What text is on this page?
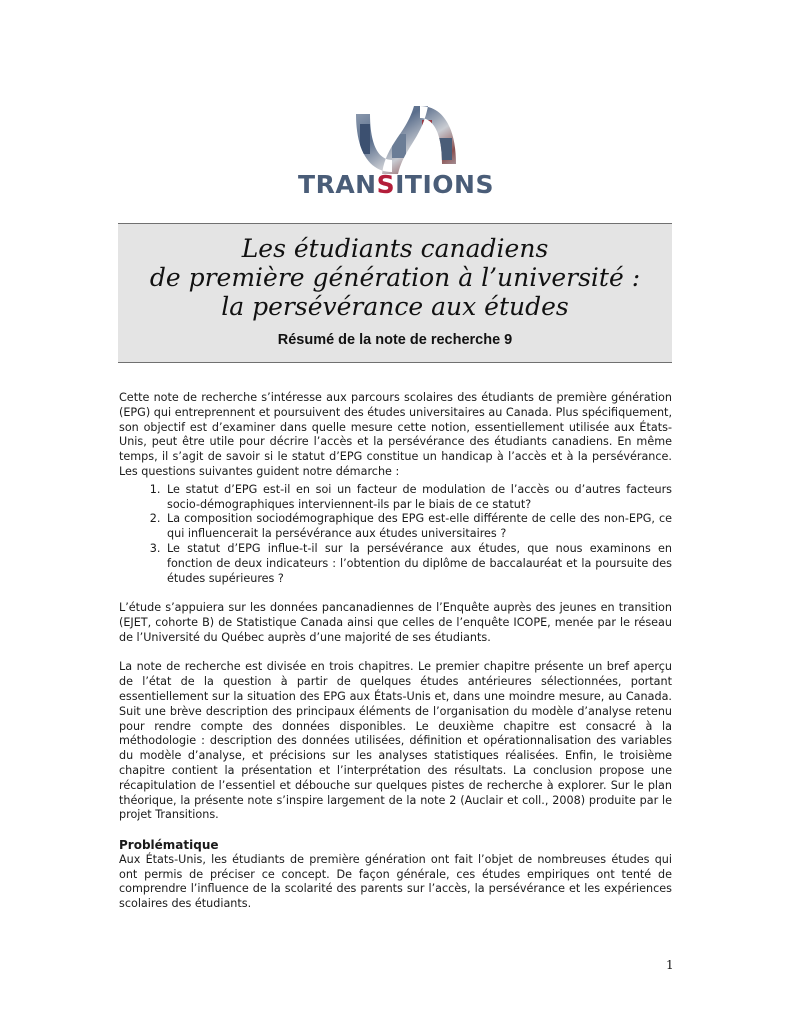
TRANSITIONS
Les étudiants canadiens
de première génération à l’université :
la persévérance aux études
Résumé de la note de recherche 9

Cette note de recherche s’intéresse aux parcours scolaires des étudiants de première génération (EPG) qui entreprennent et poursuivent des études universitaires au Canada. Plus spécifiquement, son objectif est d’examiner dans quelle mesure cette notion, essentiellement utilisée aux États-Unis, peut être utile pour décrire l’accès et la persévérance des étudiants canadiens. En même temps, il s’agit de savoir si le statut d’EPG constitue un handicap à l’accès et à la persévérance. Les questions suivantes guident notre démarche :

1. Le statut d’EPG est-il en soi un facteur de modulation de l’accès ou d’autres facteurs socio-démographiques interviennent-ils par le biais de ce statut?
2. La composition sociodémographique des EPG est-elle différente de celle des non-EPG, ce qui influencerait la persévérance aux études universitaires ?
3. Le statut d’EPG influe-t-il sur la persévérance aux études, que nous examinons en fonction de deux indicateurs : l’obtention du diplôme de baccalauréat et la poursuite des études supérieures ?

L’étude s’appuiera sur les données pancanadiennes de l’Enquête auprès des jeunes en transition (EJET, cohorte B) de Statistique Canada ainsi que celles de l’enquête ICOPE, menée par le réseau de l’Université du Québec auprès d’une majorité de ses étudiants.

La note de recherche est divisée en trois chapitres. Le premier chapitre présente un bref aperçu de l’état de la question à partir de quelques études antérieures sélectionnées, portant essentiellement sur la situation des EPG aux États-Unis et, dans une moindre mesure, au Canada. Suit une brève description des principaux éléments de l’organisation du modèle d’analyse retenu pour rendre compte des données disponibles. Le deuxième chapitre est consacré à la méthodologie : description des données utilisées, définition et opérationnalisation des variables du modèle d’analyse, et précisions sur les analyses statistiques réalisées. Enfin, le troisième chapitre contient la présentation et l’interprétation des résultats. La conclusion propose une récapitulation de l’essentiel et débouche sur quelques pistes de recherche à explorer. Sur le plan théorique, la présente note s’inspire largement de la note 2 (Auclair et coll., 2008) produite par le projet Transitions.

Problématique

Aux États-Unis, les étudiants de première génération ont fait l’objet de nombreuses études qui ont permis de préciser ce concept. De façon générale, ces études empiriques ont tenté de comprendre l’influence de la scolarité des parents sur l’accès, la persévérance et les expériences scolaires des étudiants.

1
